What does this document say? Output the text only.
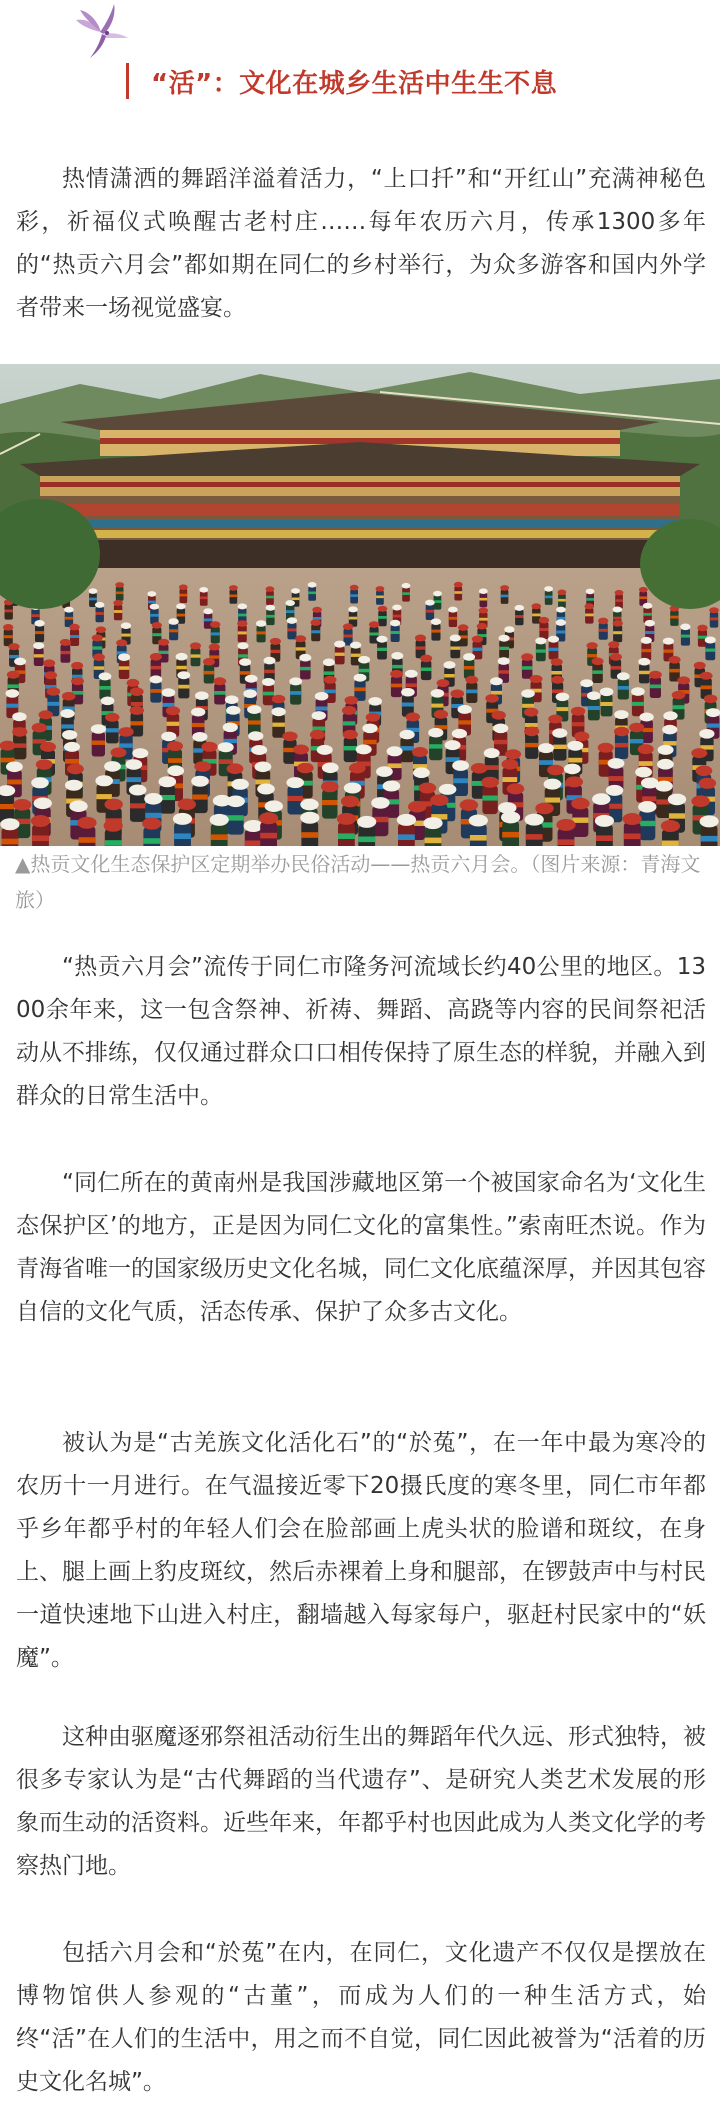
“活”：文化在城乡生活中生生不息

热情潇洒的舞蹈洋溢着活力，“上口扦”和“开红山”充满神秘色彩，祈福仪式唤醒古老村庄……每年农历六月，传承1300多年的“热贡六月会”都如期在同仁的乡村举行，为众多游客和国内外学者带来一场视觉盛宴。

▲热贡文化生态保护区定期举办民俗活动——热贡六月会。（图片来源：青海文旅）

“热贡六月会”流传于同仁市隆务河流域长约40公里的地区。1300余年来，这一包含祭神、祈祷、舞蹈、高跷等内容的民间祭祀活动从不排练，仅仅通过群众口口相传保持了原生态的样貌，并融入到群众的日常生活中。

“同仁所在的黄南州是我国涉藏地区第一个被国家命名为‘文化生态保护区’的地方，正是因为同仁文化的富集性。”索南旺杰说。作为青海省唯一的国家级历史文化名城，同仁文化底蕴深厚，并因其包容自信的文化气质，活态传承、保护了众多古文化。

被认为是“古羌族文化活化石”的“於菟”，在一年中最为寒冷的农历十一月进行。在气温接近零下20摄氏度的寒冬里，同仁市年都乎乡年都乎村的年轻人们会在脸部画上虎头状的脸谱和斑纹，在身上、腿上画上豹皮斑纹，然后赤裸着上身和腿部，在锣鼓声中与村民一道快速地下山进入村庄，翻墙越入每家每户，驱赶村民家中的“妖魔”。

这种由驱魔逐邪祭祖活动衍生出的舞蹈年代久远、形式独特，被很多专家认为是“古代舞蹈的当代遗存”、是研究人类艺术发展的形象而生动的活资料。近些年来，年都乎村也因此成为人类文化学的考察热门地。

包括六月会和“於菟”在内，在同仁，文化遗产不仅仅是摆放在博物馆供人参观的“古董”，而成为人们的一种生活方式，始终“活”在人们的生活中，用之而不自觉，同仁因此被誉为“活着的历史文化名城”。
